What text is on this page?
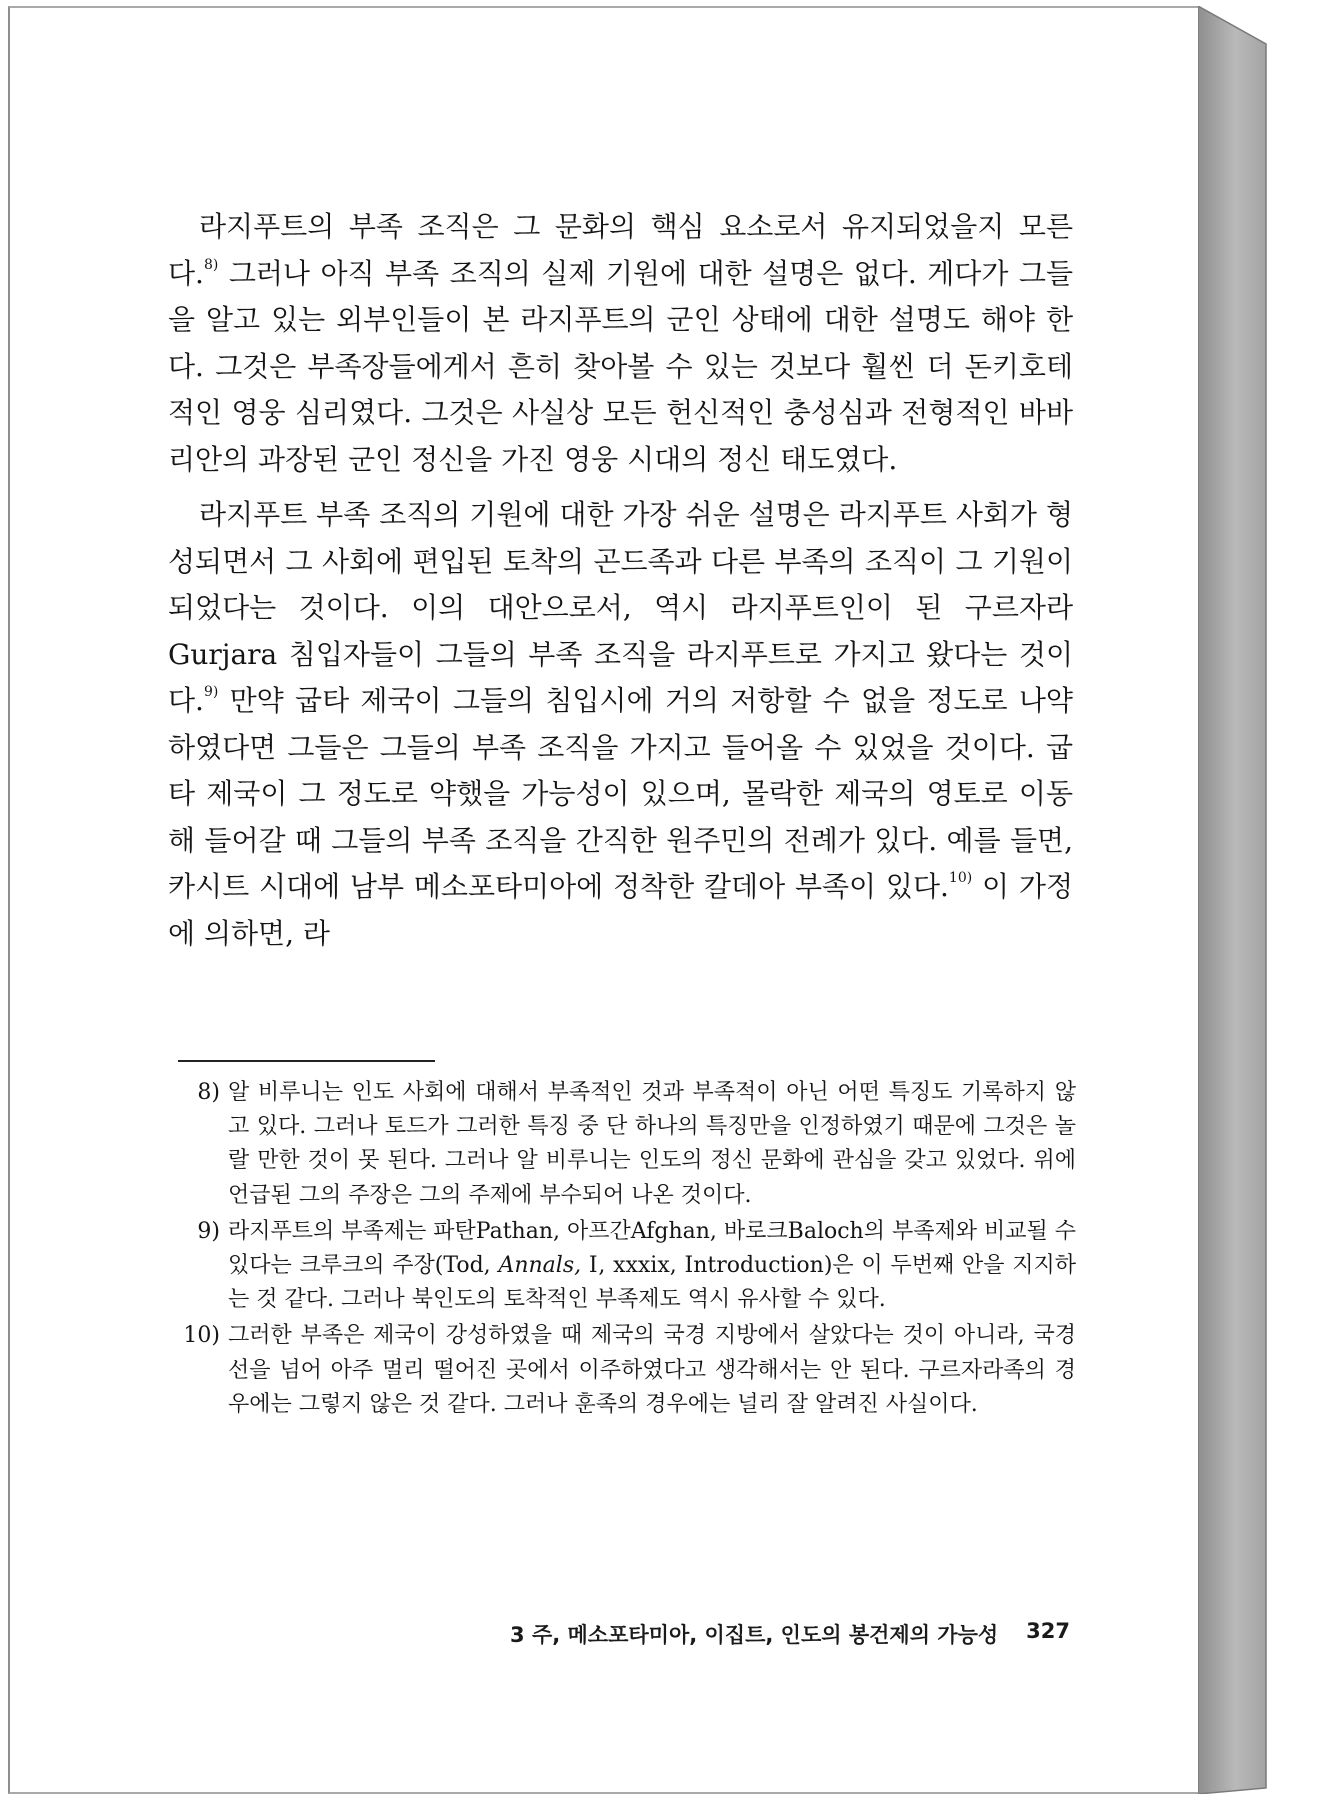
라지푸트의 부족 조직은 그 문화의 핵심 요소로서 유지되었을지 모른다.$^{8)}$ 그러나 아직 부족 조직의 실제 기원에 대한 설명은 없다. 게다가 그들을 알고 있는 외부인들이 본 라지푸트의 군인 상태에 대한 설명도 해야 한다. 그것은 부족장들에게서 흔히 찾아볼 수 있는 것보다 훨씬 더 돈키호테적인 영웅 심리였다. 그것은 사실상 모든 헌신적인 충성심과 전형적인 바바리안의 과장된 군인 정신을 가진 영웅 시대의 정신 태도였다.

라지푸트 부족 조직의 기원에 대한 가장 쉬운 설명은 라지푸트 사회가 형성되면서 그 사회에 편입된 토착의 곤드족과 다른 부족의 조직이 그 기원이 되었다는 것이다. 이의 대안으로서, 역시 라지푸트인이 된 구르자라Gurjara 침입자들이 그들의 부족 조직을 라지푸트로 가지고 왔다는 것이다.$^{9)}$ 만약 굽타 제국이 그들의 침입시에 거의 저항할 수 없을 정도로 나약하였다면 그들은 그들의 부족 조직을 가지고 들어올 수 있었을 것이다. 굽타 제국이 그 정도로 약했을 가능성이 있으며, 몰락한 제국의 영토로 이동해 들어갈 때 그들의 부족 조직을 간직한 원주민의 전례가 있다. 예를 들면, 카시트 시대에 남부 메소포타미아에 정착한 칼데아 부족이 있다.$^{10)}$ 이 가정에 의하면, 라

8) 알 비루니는 인도 사회에 대해서 부족적인 것과 부족적이 아닌 어떤 특징도 기록하지 않고 있다. 그러나 토드가 그러한 특징 중 단 하나의 특징만을 인정하였기 때문에 그것은 놀랄 만한 것이 못 된다. 그러나 알 비루니는 인도의 정신 문화에 관심을 갖고 있었다. 위에 언급된 그의 주장은 그의 주제에 부수되어 나온 것이다.
9) 라지푸트의 부족제는 파탄Pathan, 아프간Afghan, 바로크Baloch의 부족제와 비교될 수 있다는 크루크의 주장(Tod, Annals, Ⅰ, xxxix, Introduction)은 이 두번째 안을 지지하는 것 같다. 그러나 북인도의 토착적인 부족제도 역시 유사할 수 있다.
10) 그러한 부족은 제국이 강성하였을 때 제국의 국경 지방에서 살았다는 것이 아니라, 국경선을 넘어 아주 멀리 떨어진 곳에서 이주하였다고 생각해서는 안 된다. 구르자라족의 경우에는 그렇지 않은 것 같다. 그러나 훈족의 경우에는 널리 잘 알려진 사실이다.
3 주, 메소포타미아, 이집트, 인도의 봉건제의 가능성 327
